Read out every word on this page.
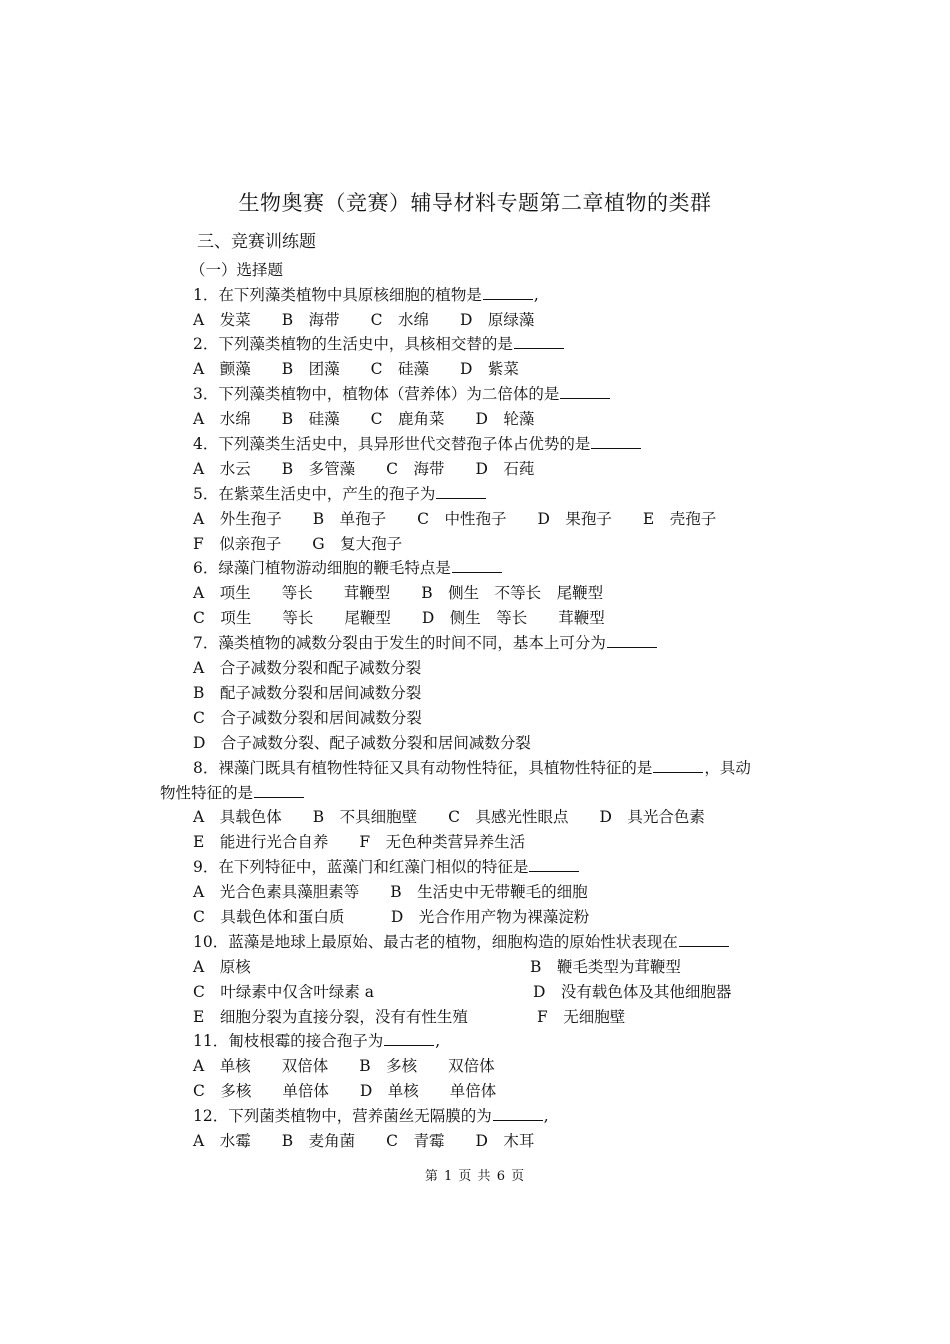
生物奥赛（竞赛）辅导材料专题第二章植物的类群
三、竞赛训练题
（一）选择题
1．在下列藻类植物中具原核细胞的植物是	,
A　发菜　　B　海带　　C　水绵　　D　原绿藻
2．下列藻类植物的生活史中，具核相交替的是
A　颤藻　　B　团藻　　C　硅藻　　D　紫菜
3．下列藻类植物中，植物体（营养体）为二倍体的是
A　水绵　　B　硅藻　　C　鹿角菜　　D　轮藻
4．下列藻类生活史中，具异形世代交替孢子体占优势的是
A　水云　　B　多管藻　　C　海带　　D　石莼
5．在紫菜生活史中，产生的孢子为
A　外生孢子　　B　单孢子　　C　中性孢子　　D　果孢子　　E　壳孢子
F　似亲孢子　　G　复大孢子
6．绿藻门植物游动细胞的鞭毛特点是
A　项生　　等长　　茸鞭型　　B　侧生　不等长　尾鞭型
C　项生　　等长　　尾鞭型　　D　侧生　等长　　茸鞭型
7．藻类植物的减数分裂由于发生的时间不同，基本上可分为
A　合子减数分裂和配子减数分裂
B　配子减数分裂和居间减数分裂
C　合子减数分裂和居间减数分裂
D　合子减数分裂、配子减数分裂和居间减数分裂
8．裸藻门既具有植物性特征又具有动物性特征，具植物性特征的是	，具动
物性特征的是
A　具载色体　　B　不具细胞壁　　C　具感光性眼点　　D　具光合色素
E　能进行光合自养　　F　无色种类营异养生活
9．在下列特征中，蓝藻门和红藻门相似的特征是
A　光合色素具藻胆素等　　B　生活史中无带鞭毛的细胞
C　具载色体和蛋白质　　　D　光合作用产物为裸藻淀粉
10．蓝藻是地球上最原始、最古老的植物，细胞构造的原始性状表现在
A　原核	B　鞭毛类型为茸鞭型
C　叶绿素中仅含叶绿素 a	D　没有载色体及其他细胞器
E　细胞分裂为直接分裂，没有有性生殖	F　无细胞壁
11．匍枝根霉的接合孢子为	,
A　单核　　双倍体　　B　多核　　双倍体
C　多核　　单倍体　　D　单核　　单倍体
12．下列菌类植物中，营养菌丝无隔膜的为	,
A　水霉　　B　麦角菌　　C　青霉　　D　木耳
第 1 页 共 6 页
